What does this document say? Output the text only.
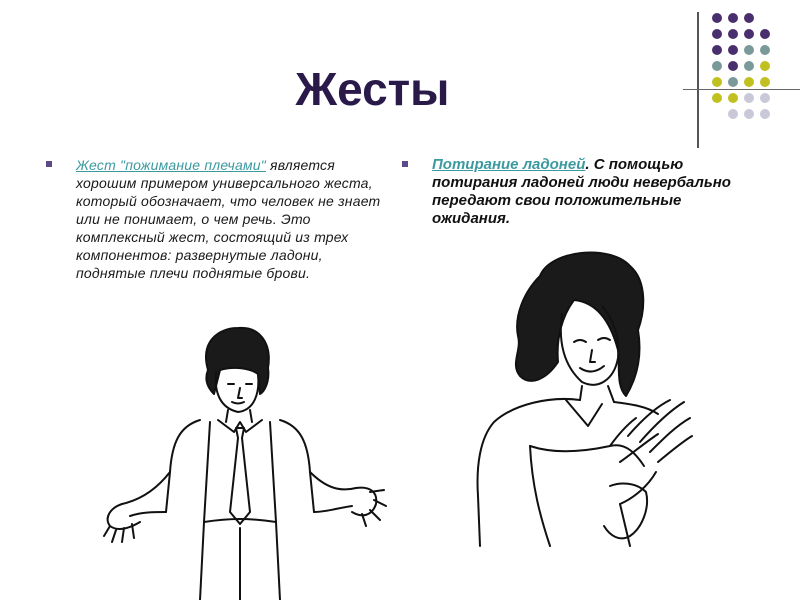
Жесты
Жест "пожимание плечами" является хорошим примером универсального жеста, который обозначает, что человек не знает или не понимает, о чем речь. Это комплексный жест, состоящий из трех компонентов: развернутые ладони, поднятые плечи поднятые брови.
Потирание ладоней. С помощью потирания ладоней люди невербально передают свои положительные ожидания.
